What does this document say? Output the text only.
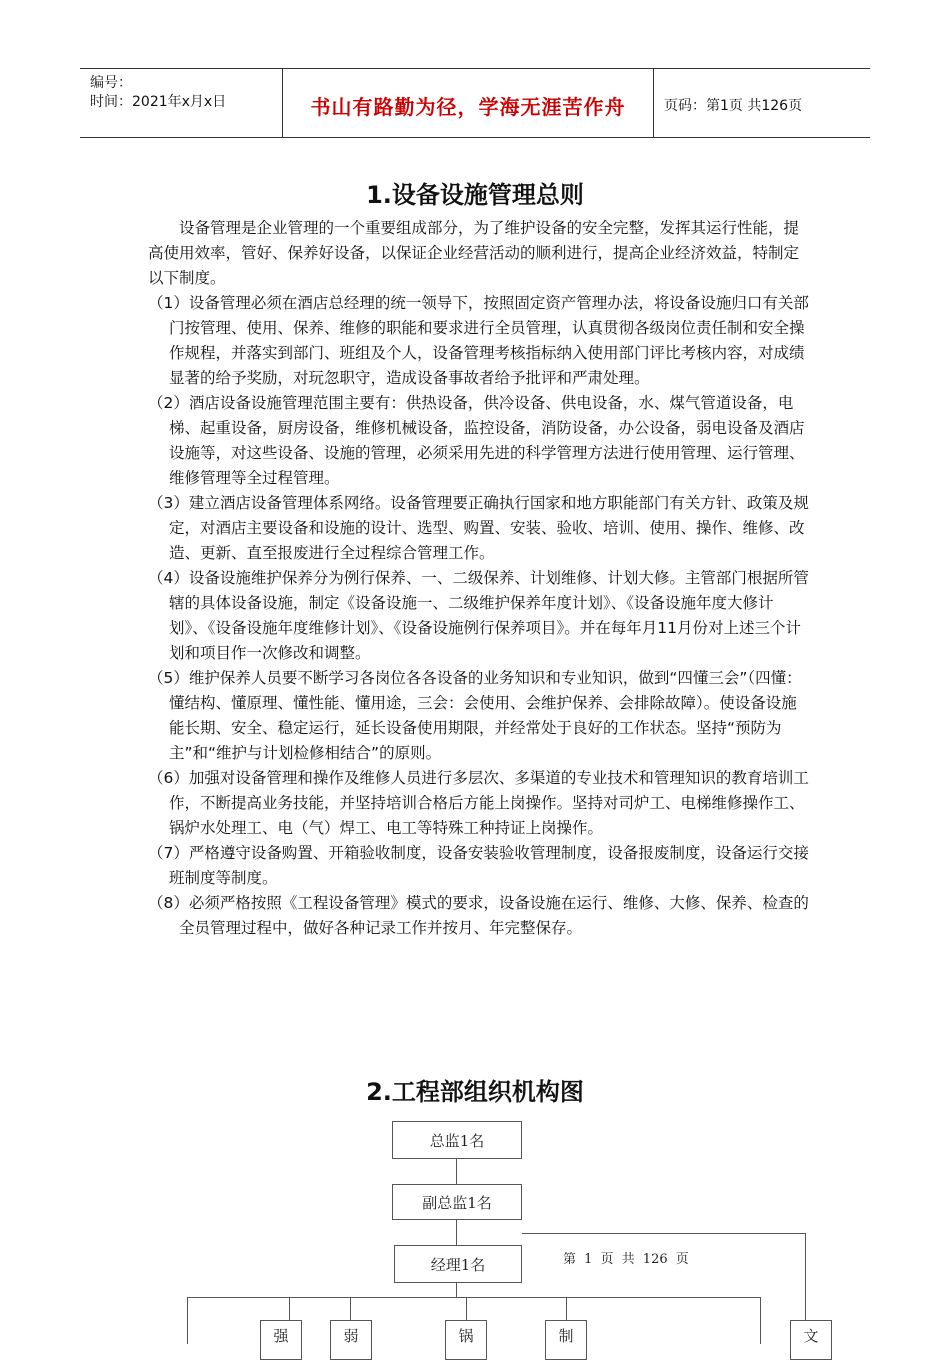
编号：
时间：2021年x月x日	书山有路勤为径，学海无涯苦作舟	页码：第1页 共126页
1.设备设施管理总则

设备管理是企业管理的一个重要组成部分，为了维护设备的安全完整，发挥其运行性能，提高使用效率，管好、保养好设备，以保证企业经营活动的顺利进行，提高企业经济效益，特制定以下制度。

（1）设备管理必须在酒店总经理的统一领导下，按照固定资产管理办法，将设备设施归口有关部门按管理、使用、保养、维修的职能和要求进行全员管理，认真贯彻各级岗位责任制和安全操作规程，并落实到部门、班组及个人，设备管理考核指标纳入使用部门评比考核内容，对成绩显著的给予奖励，对玩忽职守，造成设备事故者给予批评和严肃处理。

（2）酒店设备设施管理范围主要有：供热设备，供冷设备、供电设备，水、煤气管道设备，电梯、起重设备，厨房设备，维修机械设备，监控设备，消防设备，办公设备，弱电设备及酒店设施等，对这些设备、设施的管理，必须采用先进的科学管理方法进行使用管理、运行管理、维修管理等全过程管理。

（3）建立酒店设备管理体系网络。设备管理要正确执行国家和地方职能部门有关方针、政策及规定，对酒店主要设备和设施的设计、选型、购置、安装、验收、培训、使用、操作、维修、改造、更新、直至报废进行全过程综合管理工作。

（4）设备设施维护保养分为例行保养、一、二级保养、计划维修、计划大修。主管部门根据所管辖的具体设备设施，制定《设备设施一、二级维护保养年度计划》、《设备设施年度大修计划》、《设备设施年度维修计划》、《设备设施例行保养项目》。并在每年月11月份对上述三个计划和项目作一次修改和调整。

（5）维护保养人员要不断学习各岗位各各设备的业务知识和专业知识，做到“四懂三会”（四懂：懂结构、懂原理、懂性能、懂用途，三会：会使用、会维护保养、会排除故障）。使设备设施能长期、安全、稳定运行，延长设备使用期限，并经常处于良好的工作状态。坚持“预防为主”和“维护与计划检修相结合”的原则。

（6）加强对设备管理和操作及维修人员进行多层次、多渠道的专业技术和管理知识的教育培训工作，不断提高业务技能，并坚持培训合格后方能上岗操作。坚持对司炉工、电梯维修操作工、锅炉水处理工、电（气）焊工、电工等特殊工种持证上岗操作。

（7）严格遵守设备购置、开箱验收制度，设备安装验收管理制度，设备报废制度，设备运行交接班制度等制度。

（8）必须严格按照《工程设备管理》模式的要求，设备设施在运行、维修、大修、保养、检查的全员管理过程中，做好各种记录工作并按月、年完整保存。

2.工程部组织机构图
总监1名
副总监1名
经理1名
强	弱	锅	制	文
第 1 页 共 126 页
